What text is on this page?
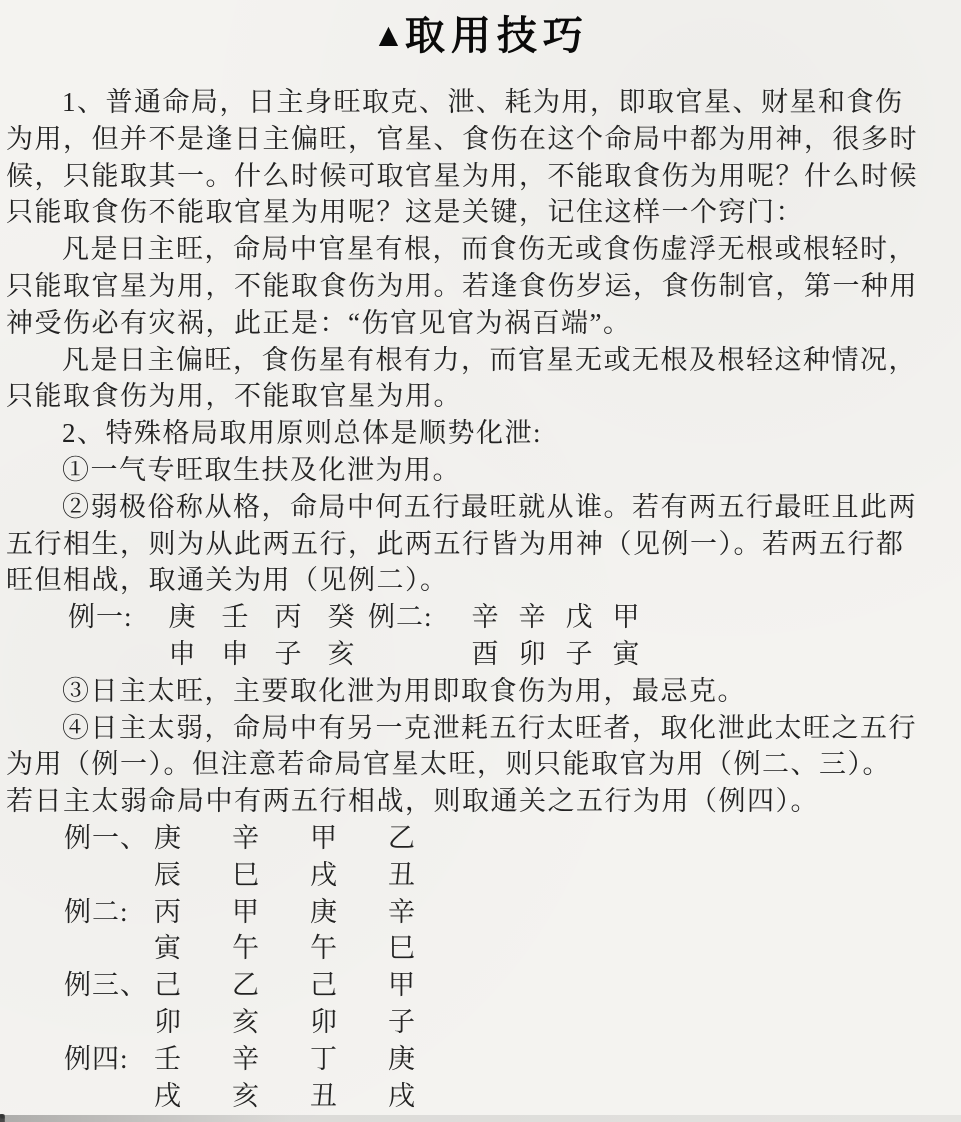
▲取用技巧
1、普通命局，日主身旺取克、泄、耗为用，即取官星、财星和食伤
为用，但并不是逢日主偏旺，官星、食伤在这个命局中都为用神，很多时
候，只能取其一。什么时候可取官星为用，不能取食伤为用呢？什么时候
只能取食伤不能取官星为用呢？这是关键，记住这样一个窍门：
凡是日主旺，命局中官星有根，而食伤无或食伤虚浮无根或根轻时，
只能取官星为用，不能取食伤为用。若逢食伤岁运，食伤制官，第一种用
神受伤必有灾祸，此正是：“伤官见官为祸百端”。
凡是日主偏旺，食伤星有根有力，而官星无或无根及根轻这种情况，
只能取食伤为用，不能取官星为用。
2、特殊格局取用原则总体是顺势化泄:
①一气专旺取生扶及化泄为用。
②弱极俗称从格，命局中何五行最旺就从谁。若有两五行最旺且此两
五行相生，则为从此两五行，此两五行皆为用神（见例一）。若两五行都
旺但相战，取通关为用（见例二）。
例一:	庚 壬 丙 癸 例二:	辛 辛 戊 甲
申 申 子 亥	酉 卯 子 寅
③日主太旺，主要取化泄为用即取食伤为用，最忌克。
④日主太弱，命局中有另一克泄耗五行太旺者，取化泄此太旺之五行
为用（例一）。但注意若命局官星太旺，则只能取官为用（例二、三）。
若日主太弱命局中有两五行相战，则取通关之五行为用（例四）。
例一、 庚	辛	甲	乙
辰	巳	戌	丑
例二: 丙	甲	庚	辛
寅	午	午	巳
例三、 己	乙	己	甲
卯	亥	卯	子
例四: 壬	辛	丁	庚
戌	亥	丑	戌
